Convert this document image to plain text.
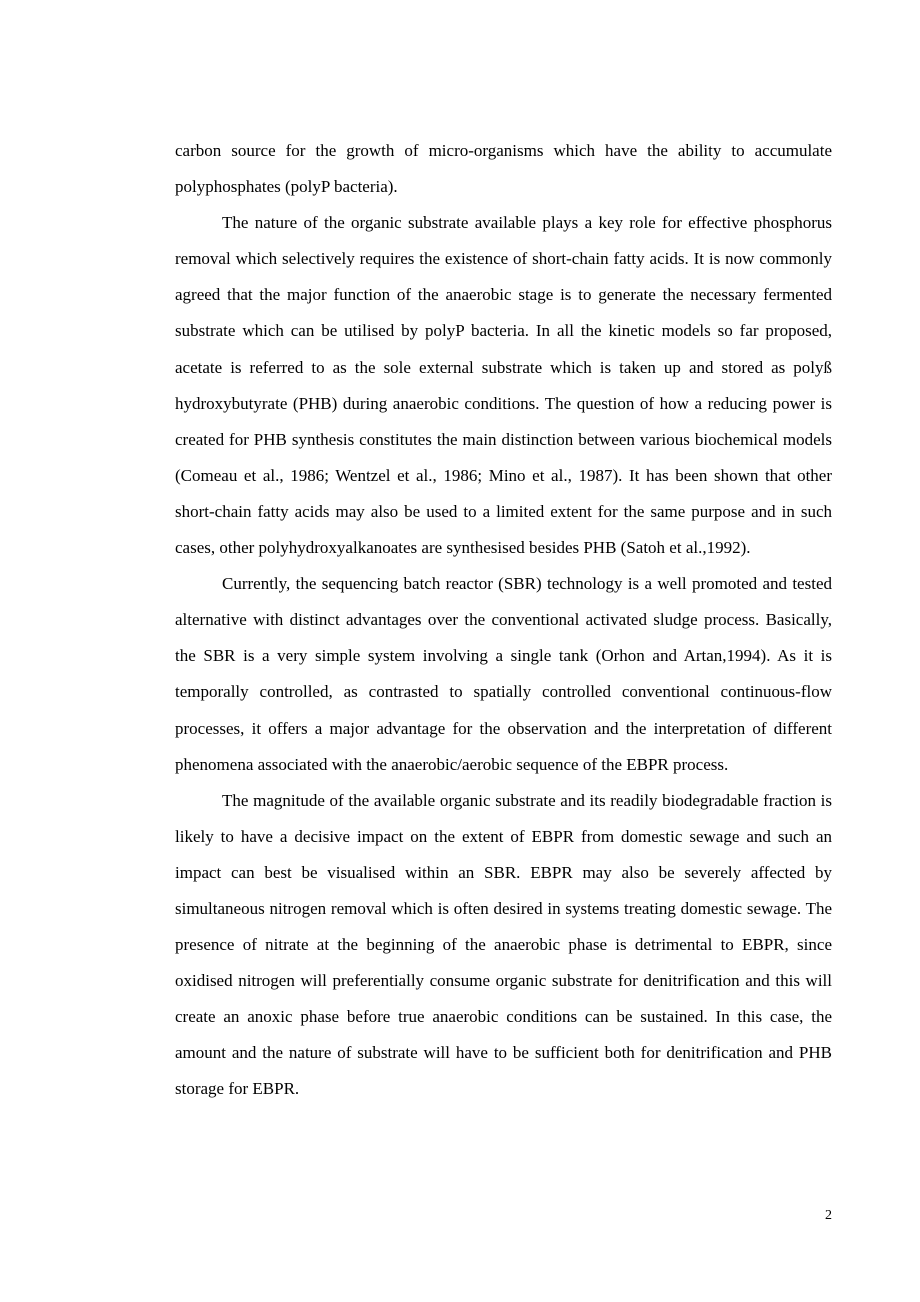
carbon source for the growth of micro-organisms which have the ability to accumulate polyphosphates (polyP bacteria).

The nature of the organic substrate available plays a key role for effective phosphorus removal which selectively requires the existence of short-chain fatty acids. It is now commonly agreed that the major function of the anaerobic stage is to generate the necessary fermented substrate which can be utilised by polyP bacteria. In all the kinetic models so far proposed, acetate is referred to as the sole external substrate which is taken up and stored as polyß hydroxybutyrate (PHB) during anaerobic conditions. The question of how a reducing power is created for PHB synthesis constitutes the main distinction between various biochemical models (Comeau et al., 1986; Wentzel et al., 1986; Mino et al., 1987). It has been shown that other short-chain fatty acids may also be used to a limited extent for the same purpose and in such cases, other polyhydroxyalkanoates are synthesised besides PHB (Satoh et al.,1992).

Currently, the sequencing batch reactor (SBR) technology is a well promoted and tested alternative with distinct advantages over the conventional activated sludge process. Basically, the SBR is a very simple system involving a single tank (Orhon and Artan,1994). As it is temporally controlled, as contrasted to spatially controlled conventional continuous-flow processes, it offers a major advantage for the observation and the interpretation of different phenomena associated with the anaerobic/aerobic sequence of the EBPR process.

The magnitude of the available organic substrate and its readily biodegradable fraction is likely to have a decisive impact on the extent of EBPR from domestic sewage and such an impact can best be visualised within an SBR. EBPR may also be severely affected by simultaneous nitrogen removal which is often desired in systems treating domestic sewage. The presence of nitrate at the beginning of the anaerobic phase is detrimental to EBPR, since oxidised nitrogen will preferentially consume organic substrate for denitrification and this will create an anoxic phase before true anaerobic conditions can be sustained. In this case, the amount and the nature of substrate will have to be sufficient both for denitrification and PHB storage for EBPR.

2
